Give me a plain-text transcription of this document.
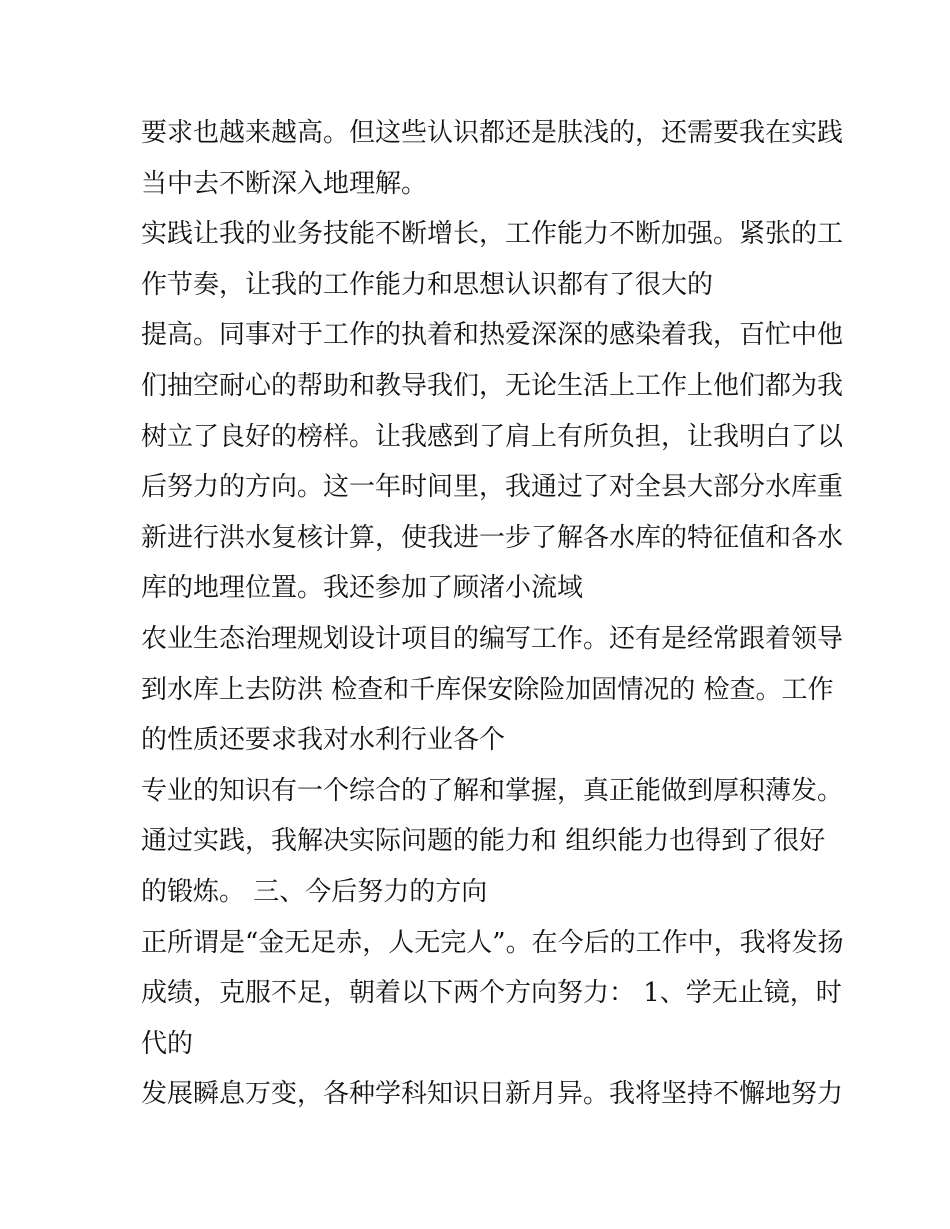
要求也越来越高。但这些认识都还是肤浅的，还需要我在实践
当中去不断深入地理解。
实践让我的业务技能不断增长，工作能力不断加强。紧张的工
作节奏，让我的工作能力和思想认识都有了很大的
提高。同事对于工作的执着和热爱深深的感染着我，百忙中他
们抽空耐心的帮助和教导我们，无论生活上工作上他们都为我
树立了良好的榜样。让我感到了肩上有所负担，让我明白了以
后努力的方向。这一年时间里，我通过了对全县大部分水库重
新进行洪水复核计算，使我进一步了解各水库的特征值和各水
库的地理位置。我还参加了顾渚小流域
农业生态治理规划设计项目的编写工作。还有是经常跟着领导
到水库上去防洪 检查和千库保安除险加固情况的 检查。工作
的性质还要求我对水利行业各个
专业的知识有一个综合的了解和掌握，真正能做到厚积薄发。
通过实践，我解决实际问题的能力和 组织能力也得到了很好
的锻炼。 三、今后努力的方向
正所谓是“金无足赤，人无完人”。在今后的工作中，我将发扬
成绩，克服不足，朝着以下两个方向努力： 1、学无止镜，时
代的
发展瞬息万变，各种学科知识日新月异。我将坚持不懈地努力
